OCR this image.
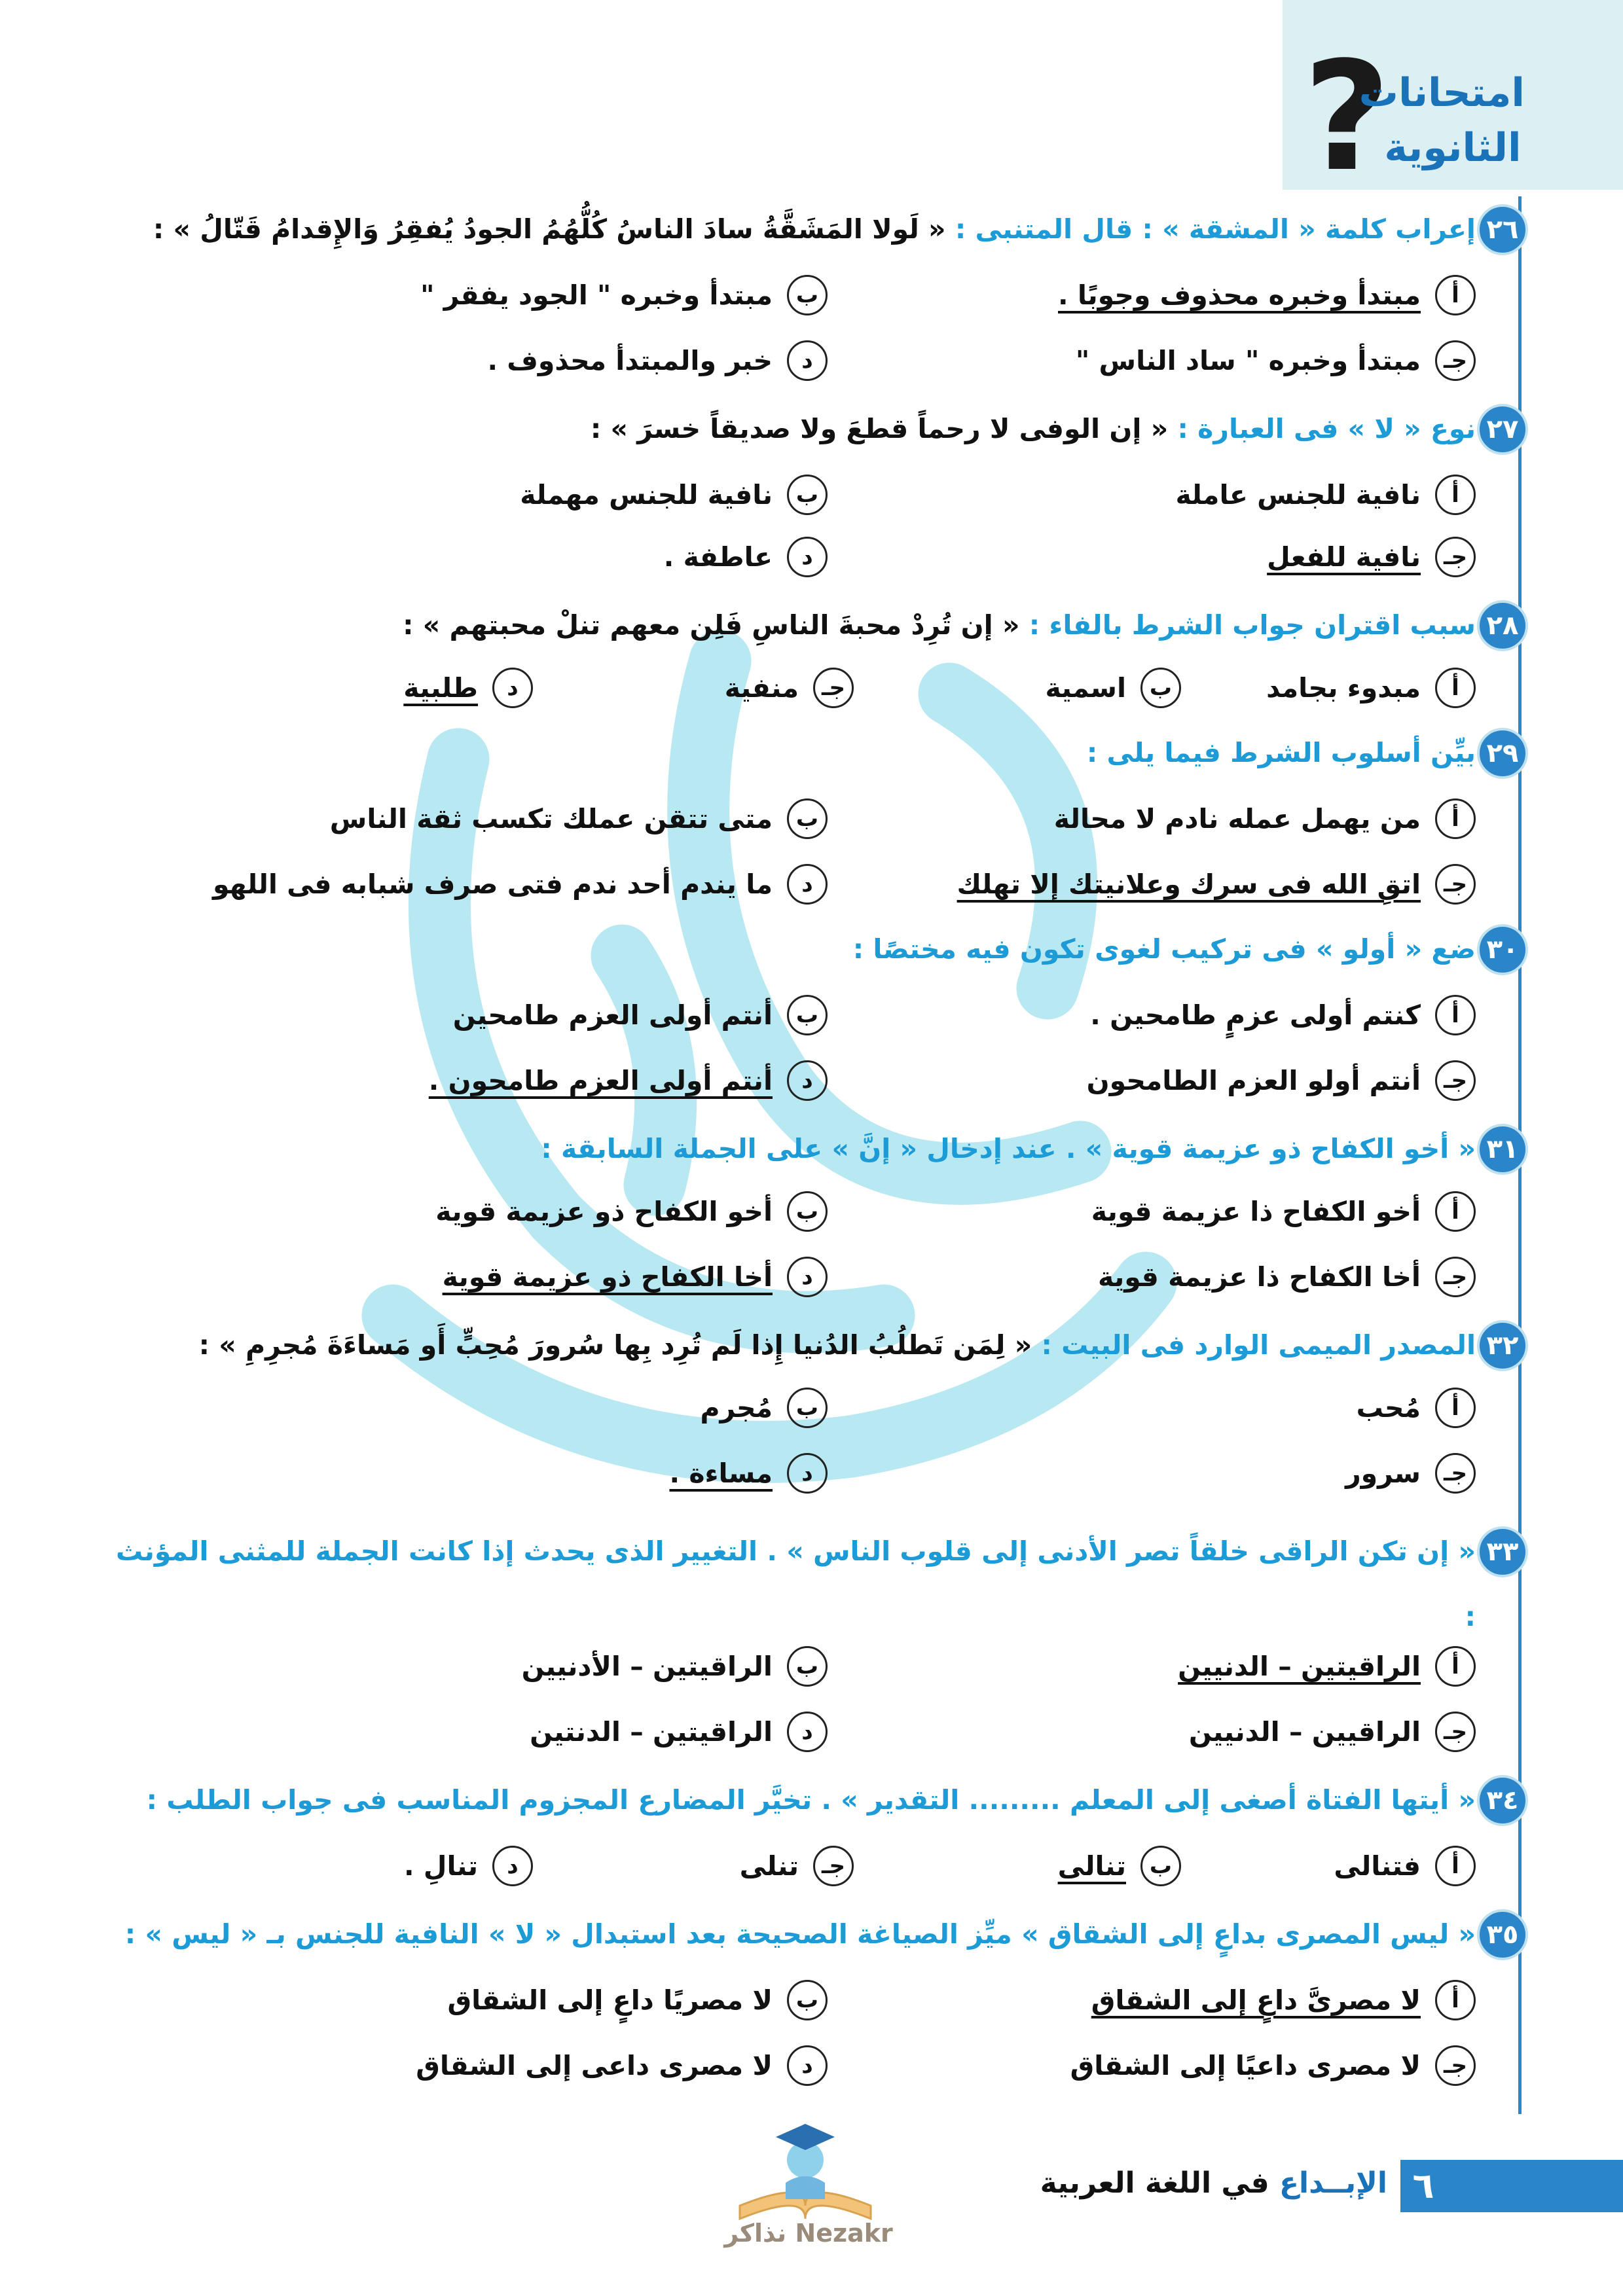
?
امتحانات
الثانوية
٢٦
إعراب كلمة « المشقة » : قال المتنبى : « لَولا المَشَقَّةُ سادَ الناسُ كُلُّهُمُ الجودُ يُفقِرُ وَالإِقدامُ قَتّالُ » :
أ
مبتدأ وخبره محذوف وجوبًا .
ب
مبتدأ وخبره " الجود يفقر "
جـ
مبتدأ وخبره " ساد الناس "
د
خبر والمبتدأ محذوف .
٢٧
نوع « لا » فى العبارة : « إن الوفى لا رحماً قطعَ ولا صديقاً خسرَ » :
أ
نافية للجنس عاملة
ب
نافية للجنس مهملة
جـ
نافية للفعل
د
عاطفة .
٢٨
سبب اقتران جواب الشرط بالفاء : « إن تُرِدْ محبةَ الناسِ فَلِن معهم تنلْ محبتهم » :
أ
مبدوء بجامد
ب
اسمية
جـ
منفية
د
طلبية
٢٩
بيِّن أسلوب الشرط فيما يلى :
أ
من يهمل عمله نادم لا محالة
ب
متى تتقن عملك تكسب ثقة الناس
جـ
اتقِ الله فى سرك وعلانيتك إلا تهلك
د
ما يندم أحد ندم فتى صرف شبابه فى اللهو
٣٠
ضع « أولو » فى تركيب لغوى تكون فيه مختصًا :
أ
كنتم أولى عزمٍ طامحين .
ب
أنتم أولى العزم طامحين
جـ
أنتم أولو العزم الطامحون
د
أنتم أولى العزم طامحون .
٣١
« أخو الكفاح ذو عزيمة قوية » . عند إدخال « إنَّ » على الجملة السابقة :
أ
أخو الكفاح ذا عزيمة قوية
ب
أخو الكفاح ذو عزيمة قوية
جـ
أخا الكفاح ذا عزيمة قوية
د
أخا الكفاح ذو عزيمة قوية
٣٢
المصدر الميمى الوارد فى البيت : « لِمَن تَطلُبُ الدُنيا إِذا لَم تُرِد بِها سُرورَ مُحِبٍّ أَو مَساءَةَ مُجرِمِ » :
أ
مُحب
ب
مُجرم
جـ
سرور
د
مساءة .
٣٣
« إن تكن الراقى خلقاً تصر الأدنى إلى قلوب الناس » . التغيير الذى يحدث إذا كانت الجملة للمثنى المؤنث :
أ
الراقيتين – الدنيين
ب
الراقيتين – الأدنيين
جـ
الراقيين – الدنيين
د
الراقيتين – الدنتين
٣٤
« أيتها الفتاة أصغى إلى المعلم ......... التقدير » . تخيَّر المضارع المجزوم المناسب فى جواب الطلب :
أ
فتنالى
ب
تنالى
جـ
تنلى
د
تنالِ .
٣٥
« ليس المصرى بداعٍ إلى الشقاق » ميِّز الصياغة الصحيحة بعد استبدال « لا » النافية للجنس بـ « ليس » :
أ
لا مصرىَّ داعٍ إلى الشقاق
ب
لا مصريًا داعٍ إلى الشقاق
جـ
لا مصرى داعيًا إلى الشقاق
د
لا مصرى داعى إلى الشقاق
Nezakr نذاكر
٦
الإبــداع في اللغة العربية
